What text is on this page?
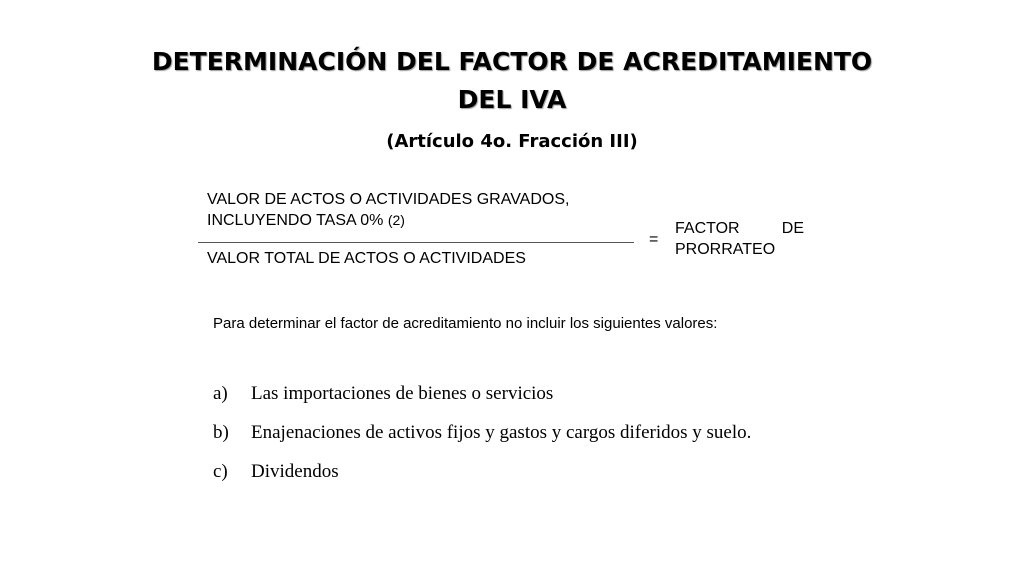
DETERMINACIÓN DEL FACTOR DE ACREDITAMIENTO
DEL IVA
(Artículo 4o. Fracción III)
VALOR DE ACTOS O ACTIVIDADES GRAVADOS,
INCLUYENDO TASA 0% (2)
VALOR TOTAL DE ACTOS O ACTIVIDADES
=
FACTOR	DE
PRORRATEO
Para determinar el factor de acreditamiento no incluir los siguientes valores:
a)	Las importaciones de bienes o servicios
b)	Enajenaciones de activos fijos y gastos y cargos diferidos y suelo.
c)	Dividendos
